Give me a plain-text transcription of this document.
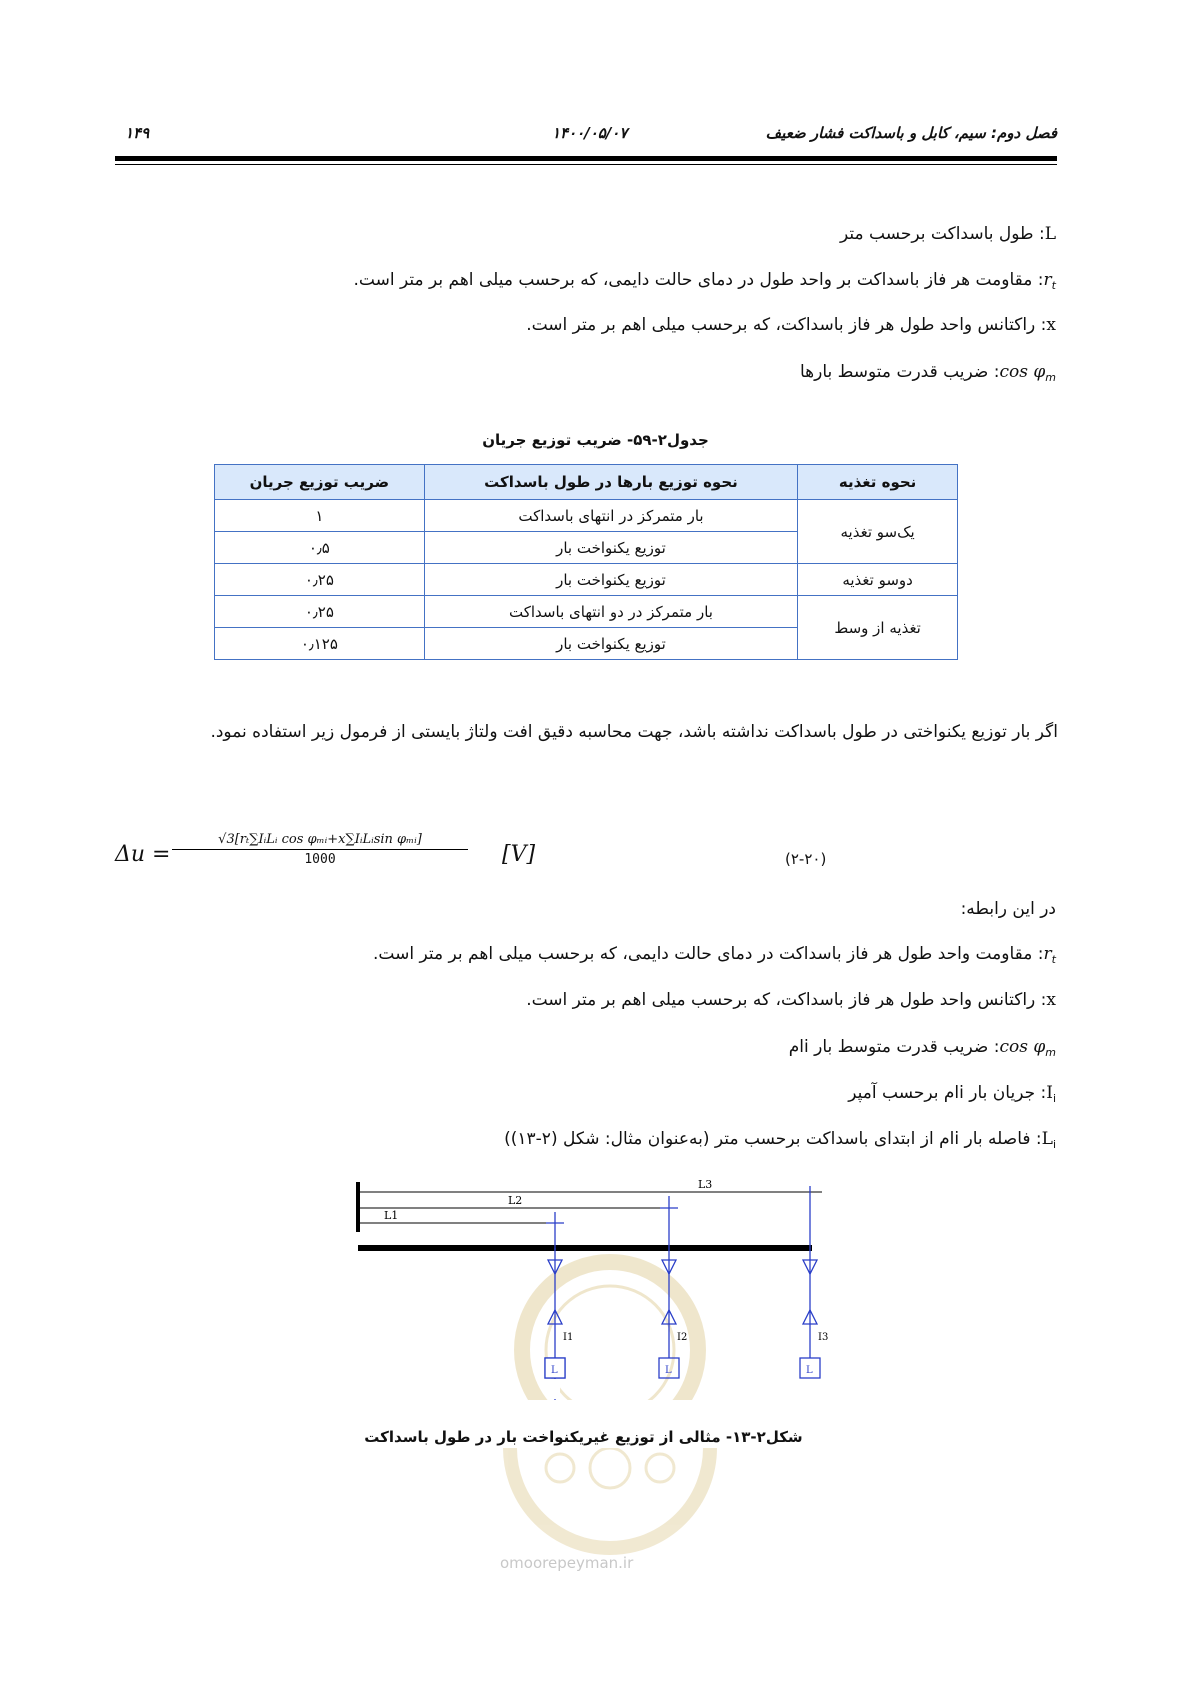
فصل دوم: سیم، کابل و باسداکت فشار ضعیف
۱۴۰۰/۰۵/۰۷
۱۴۹
L: طول باسداکت برحسب متر
$r_t$: مقاومت هر فاز باسداکت بر واحد طول در دمای حالت دایمی، که برحسب میلی اهم بر متر است.
x: راکتانس واحد طول هر فاز باسداکت، که برحسب میلی اهم بر متر است.
$\cos \varphi_m$: ضریب قدرت متوسط بارها
جدول۲-۵۹- ضریب توزیع جریان
نحوه تغذیه	نحوه توزیع بارها در طول باسداکت	ضریب توزیع جریان
یک‌سو تغذیه	بار متمرکز در انتهای باسداکت	۱
	توزیع یکنواخت بار	۰٫۵
دوسو تغذیه	توزیع یکنواخت بار	۰٫۲۵
تغذیه از وسط	بار متمرکز در دو انتهای باسداکت	۰٫۲۵
	توزیع یکنواخت بار	۰٫۱۲۵
اگر بار توزیع یکنواختی در طول باسداکت نداشته باشد، جهت محاسبه دقیق افت ولتاژ بایستی از فرمول زیر استفاده نمود.
Δu =
√3[rₜ∑IᵢLᵢ cos φₘᵢ+x∑IᵢLᵢsin φₘᵢ]
1000	[V]	(۲-۲۰)
در این رابطه:
$r_t$: مقاومت واحد طول هر فاز باسداکت در دمای حالت دایمی، که برحسب میلی اهم بر متر است.
x: راکتانس واحد طول هر فاز باسداکت، که برحسب میلی اهم بر متر است.
$\cos \varphi_m$: ضریب قدرت متوسط بار iام
$I_i$: جریان بار iام برحسب آمپر
$L_i$: فاصله بار iام از ابتدای باسداکت برحسب متر (به‌عنوان مثال: شکل (۲-۱۳))
L3
L2
L1
I1	I2	I3
L	L	L
شکل۲-۱۳- مثالی از توزیع غیریکنواخت بار در طول باسداکت
omoorepeyman.ir
